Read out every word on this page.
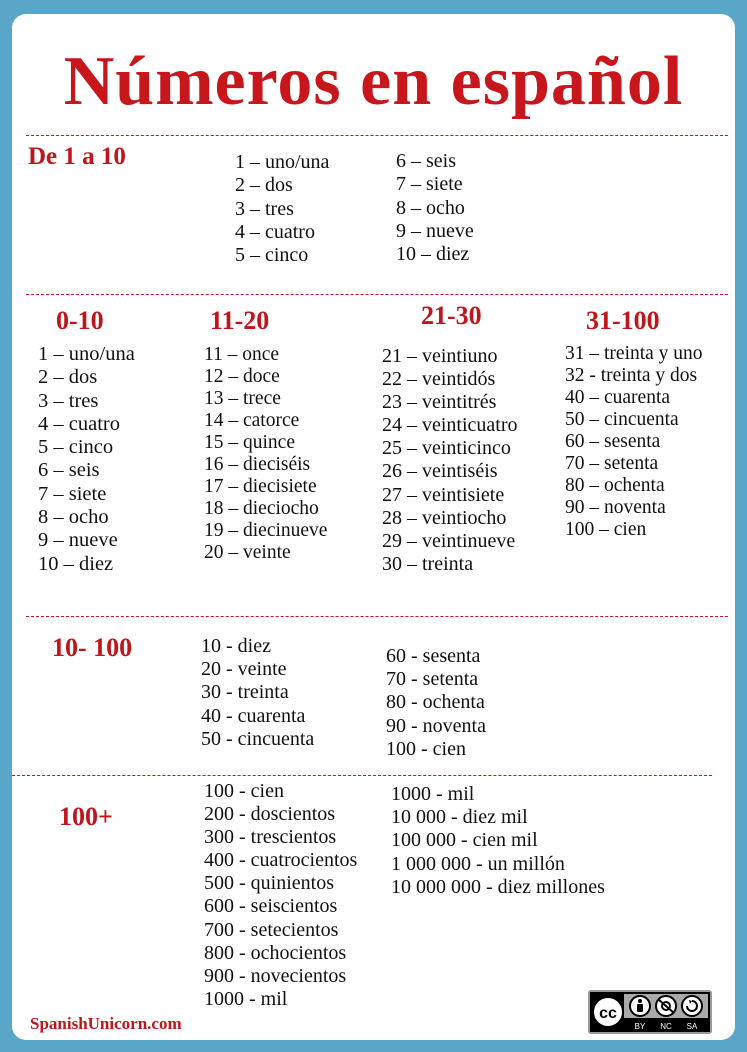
Números en español
De 1 a 10	1 – uno/una
2 – dos
3 – tres
4 – cuatro
5 – cinco
6 – seis
7 – siete
8 – ocho
9 – nueve
10 – diez
0-10
1 – uno/una
2 – dos
3 – tres
4 – cuatro
5 – cinco
6 – seis
7 – siete
8 – ocho
9 – nueve
10 – diez
11-20
11 – once
12 – doce
13 – trece
14 – catorce
15 – quince
16 – dieciséis
17 – diecisiete
18 – dieciocho
19 – diecinueve
20 – veinte
21-30
21 – veintiuno
22 – veintidós
23 – veintitrés
24 – veinticuatro
25 – veinticinco
26 – veintiséis
27 – veintisiete
28 – veintiocho
29 – veintinueve
30 – treinta
31-100
31 – treinta y uno
32 - treinta y dos
40 – cuarenta
50 – cincuenta
60 – sesenta
70 – setenta
80 – ochenta
90 – noventa
100 – cien
10- 100	10 - diez
20 - veinte
30 - treinta
40 - cuarenta
50 - cincuenta
60 - sesenta
70 - setenta
80 - ochenta
90 - noventa
100 - cien
100+
100 - cien
200 - doscientos
300 - trescientos
400 - cuatrocientos
500 - quinientos
600 - seiscientos
700 - setecientos
800 - ochocientos
900 - novecientos
1000 - mil
1000 - mil
10 000 - diez mil
100 000 - cien mil
1 000 000 - un millón
10 000 000 - diez millones
SpanishUnicorn.com
cc
BY NC SA
